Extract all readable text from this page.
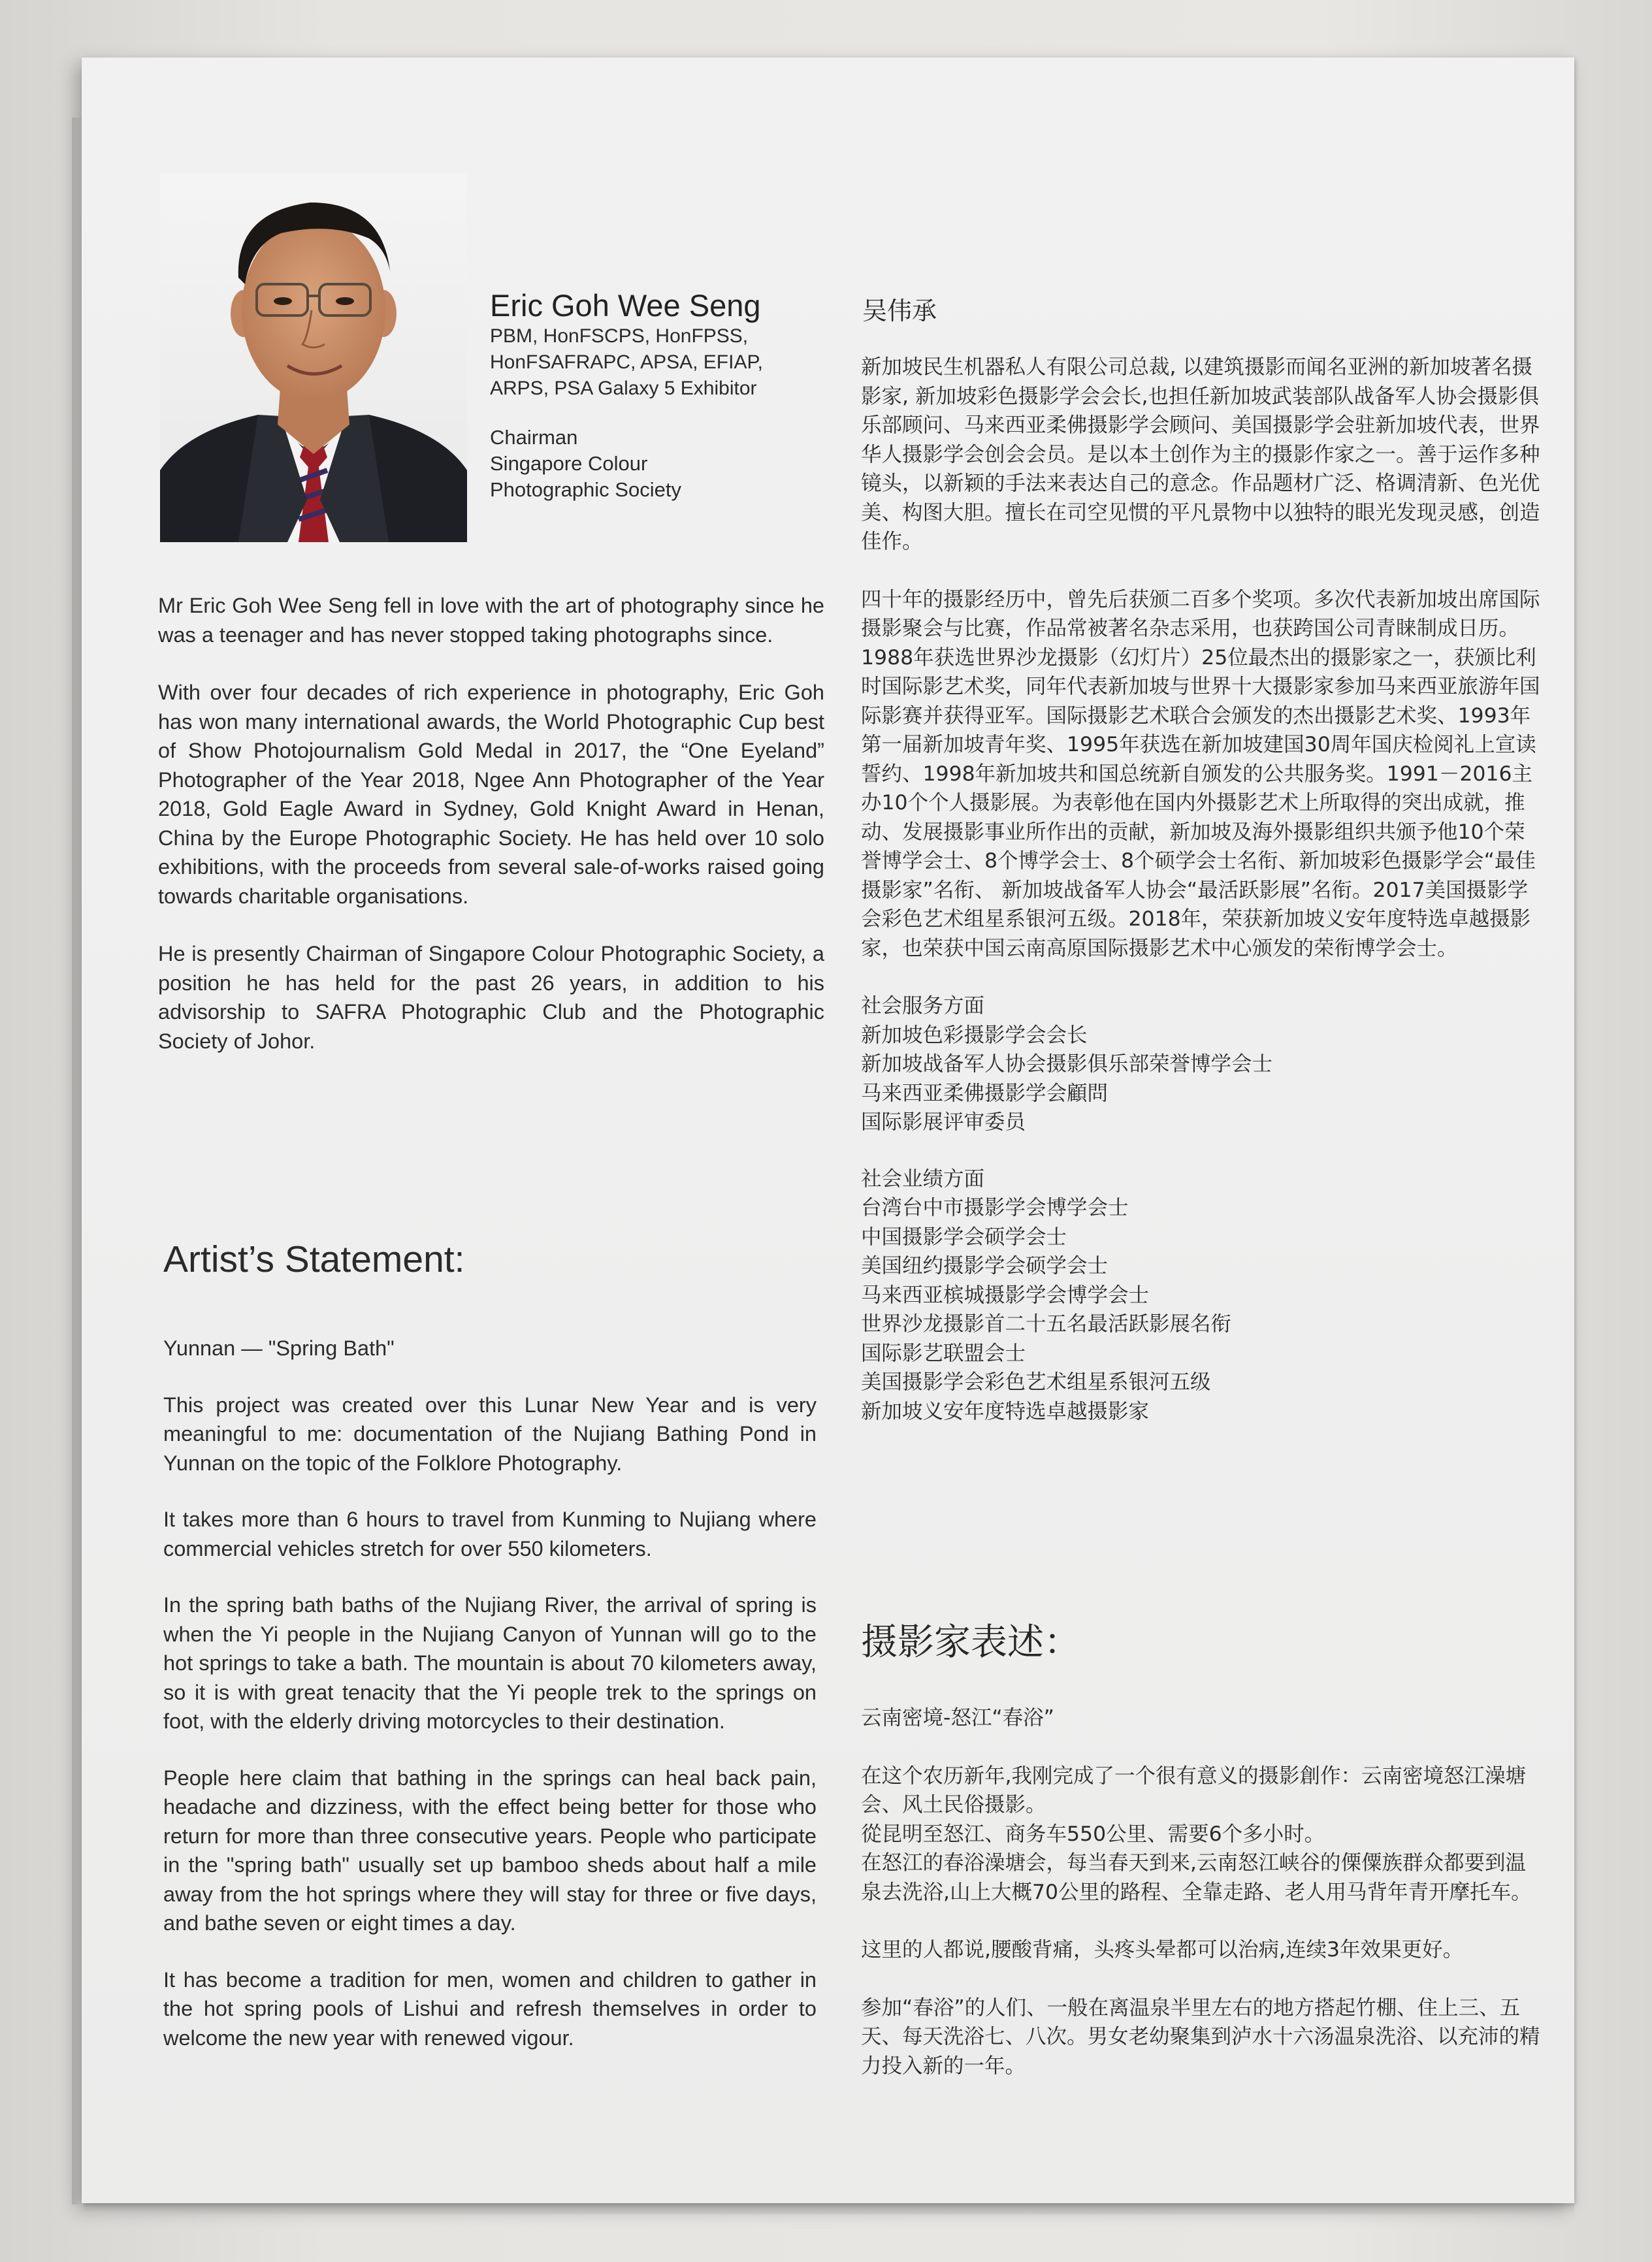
Eric Goh Wee Seng
PBM, HonFSCPS, HonFPSS,
HonFSAFRAPC, APSA, EFIAP,
ARPS, PSA Galaxy 5 Exhibitor
Chairman
Singapore Colour
Photographic Society

Mr Eric Goh Wee Seng fell in love with the art of photography since he was a teenager and has never stopped taking photographs since.

With over four decades of rich experience in photography, Eric Goh has won many international awards, the World Photographic Cup best of Show Photojournalism Gold Medal in 2017, the “One Eyeland” Photographer of the Year 2018, Ngee Ann Photographer of the Year 2018, Gold Eagle Award in Sydney, Gold Knight Award in Henan, China by the Europe Photographic Society. He has held over 10 solo exhibitions, with the proceeds from several sale-of-works raised going towards charitable organisations.

He is presently Chairman of Singapore Colour Photographic Society, a position he has held for the past 26 years, in addition to his advisorship to SAFRA Photographic Club and the Photographic Society of Johor.

Artist’s Statement:

Yunnan — "Spring Bath"

This project was created over this Lunar New Year and is very meaningful to me: documentation of the Nujiang Bathing Pond in Yunnan on the topic of the Folklore Photography.

It takes more than 6 hours to travel from Kunming to Nujiang where commercial vehicles stretch for over 550 kilometers.

In the spring bath baths of the Nujiang River, the arrival of spring is when the Yi people in the Nujiang Canyon of Yunnan will go to the hot springs to take a bath. The mountain is about 70 kilometers away, so it is with great tenacity that the Yi people trek to the springs on foot, with the elderly driving motorcycles to their destination.

People here claim that bathing in the springs can heal back pain, headache and dizziness, with the effect being better for those who return for more than three consecutive years. People who participate in the "spring bath" usually set up bamboo sheds about half a mile away from the hot springs where they will stay for three or five days, and bathe seven or eight times a day.

It has become a tradition for men, women and children to gather in the hot spring pools of Lishui and refresh themselves in order to welcome the new year with renewed vigour.

吴伟承

新加坡民生机器私人有限公司总裁, 以建筑摄影而闻名亚洲的新加坡著名摄影家, 新加坡彩色摄影学会会长,也担任新加坡武装部队战备军人协会摄影俱乐部顾问、马来西亚柔佛摄影学会顾问、美国摄影学会驻新加坡代表，世界华人摄影学会创会会员。是以本土创作为主的摄影作家之一。善于运作多种镜头，以新颖的手法来表达自己的意念。作品题材广泛、格调清新、色光优美、构图大胆。擅长在司空见惯的平凡景物中以独特的眼光发现灵感，创造佳作。

四十年的摄影经历中，曾先后获颁二百多个奖项。多次代表新加坡出席国际摄影聚会与比赛，作品常被著名杂志采用，也获跨国公司青睐制成日历。1988年获选世界沙龙摄影（幻灯片）25位最杰出的摄影家之一，获颁比利时国际影艺术奖，同年代表新加坡与世界十大摄影家参加马来西亚旅游年国际影赛并获得亚军。国际摄影艺术联合会颁发的杰出摄影艺术奖、1993年第一届新加坡青年奖、1995年获选在新加坡建国30周年国庆检阅礼上宣读誓约、1998年新加坡共和国总统新自颁发的公共服务奖。1991－2016主办10个个人摄影展。为表彰他在国内外摄影艺术上所取得的突出成就，推动、发展摄影事业所作出的贡献，新加坡及海外摄影组织共颁予他10个荣誉博学会士、8个博学会士、8个硕学会士名衔、新加坡彩色摄影学会“最佳摄影家”名衔、 新加坡战备军人协会“最活跃影展”名衔。2017美国摄影学会彩色艺术组星系银河五级。2018年，荣获新加坡义安年度特选卓越摄影家，也荣获中国云南高原国际摄影艺术中心颁发的荣衔博学会士。

社会服务方面
新加坡色彩摄影学会会长
新加坡战备军人协会摄影俱乐部荣誉博学会士
马来西亚柔佛摄影学会顧問
国际影展评审委员
社会业绩方面
台湾台中市摄影学会博学会士
中国摄影学会硕学会士
美国纽约摄影学会硕学会士
马来西亚槟城摄影学会博学会士
世界沙龙摄影首二十五名最活跃影展名衔
国际影艺联盟会士
美国摄影学会彩色艺术组星系银河五级
新加坡义安年度特选卓越摄影家
摄影家表述：

云南密境-怒江“春浴”

在这个农历新年,我刚完成了一个很有意义的摄影創作：云南密境怒江澡塘会、风土民俗摄影。
從昆明至怒江、商务车550公里、需要6个多小时。
在怒江的春浴澡塘会，每当春天到来,云南怒江峡谷的傈僳族群众都要到温泉去洗浴,山上大概70公里的路程、全靠走路、老人用马背年青开摩托车。

这里的人都说,腰酸背痛，头疼头晕都可以治病,连续3年效果更好。

参加“春浴”的人们、一般在离温泉半里左右的地方搭起竹棚、住上三、五天、每天洗浴七、八次。男女老幼聚集到泸水十六汤温泉洗浴、以充沛的精力投入新的一年。
